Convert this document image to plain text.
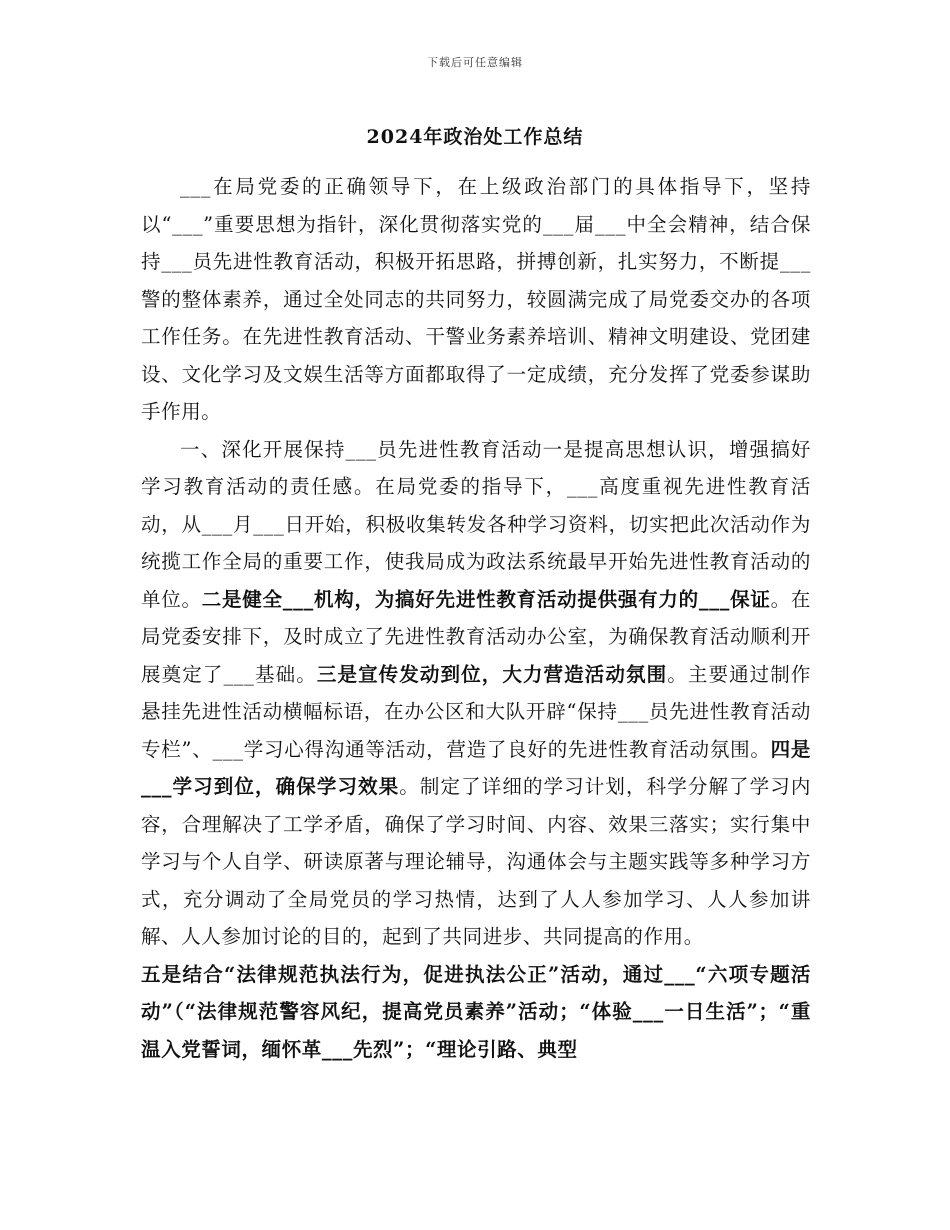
下载后可任意编辑
2024年政治处工作总结

___在局党委的正确领导下，在上级政治部门的具体指导下，坚持以“___”重要思想为指针，深化贯彻落实党的___届___中全会精神，结合保持___员先进性教育活动，积极开拓思路，拼搏创新，扎实努力，不断提___警的整体素养，通过全处同志的共同努力，较圆满完成了局党委交办的各项工作任务。在先进性教育活动、干警业务素养培训、精神文明建设、党团建设、文化学习及文娱生活等方面都取得了一定成绩，充分发挥了党委参谋助手作用。

一、深化开展保持___员先进性教育活动一是提高思想认识，增强搞好学习教育活动的责任感。在局党委的指导下，___高度重视先进性教育活动，从___月___日开始，积极收集转发各种学习资料，切实把此次活动作为统揽工作全局的重要工作，使我局成为政法系统最早开始先进性教育活动的单位。二是健全___机构，为搞好先进性教育活动提供强有力的___保证。在局党委安排下，及时成立了先进性教育活动办公室，为确保教育活动顺利开展奠定了___基础。三是宣传发动到位，大力营造活动氛围。主要通过制作悬挂先进性活动横幅标语，在办公区和大队开辟“保持___员先进性教育活动专栏”、___学习心得沟通等活动，营造了良好的先进性教育活动氛围。四是___学习到位，确保学习效果。制定了详细的学习计划，科学分解了学习内容，合理解决了工学矛盾，确保了学习时间、内容、效果三落实；实行集中学习与个人自学、研读原著与理论辅导，沟通体会与主题实践等多种学习方式，充分调动了全局党员的学习热情，达到了人人参加学习、人人参加讲解、人人参加讨论的目的，起到了共同进步、共同提高的作用。

五是结合“法律规范执法行为，促进执法公正”活动，通过___“六项专题活动”（“法律规范警容风纪，提高党员素养”活动；“体验___一日生活”；“重温入党誓词，缅怀革___先烈”；“理论引路、典型
